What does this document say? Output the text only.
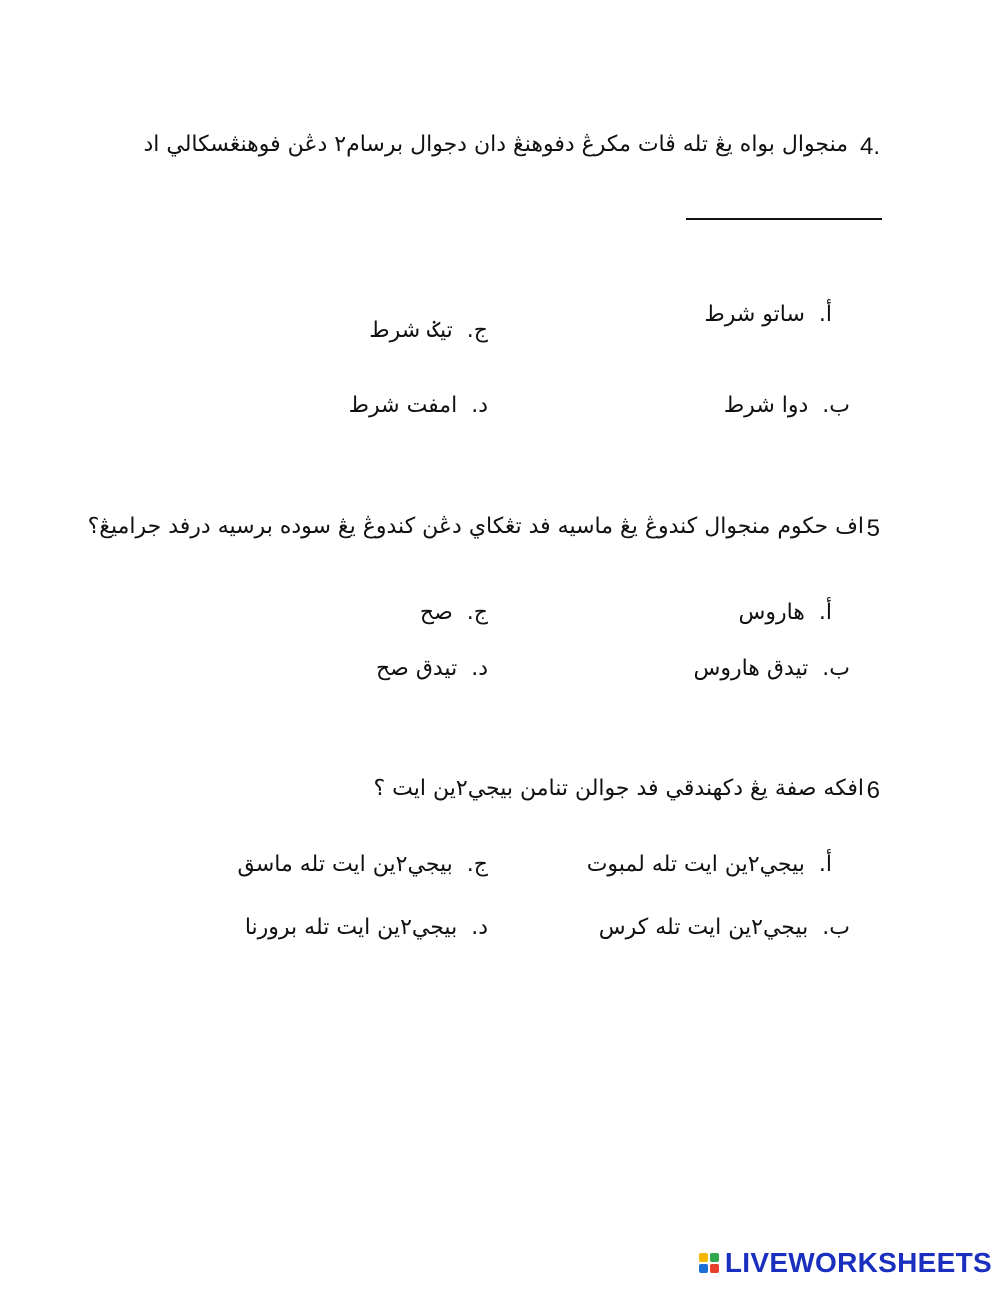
4.
منجوال بواه يڠ تله ڤات مكرڠ دفوهنڠ دان دجوال برسام٢ دڠن فوهنڠسكالي اد
أ.ساتو شرط
ب.دوا شرط
ج.تيݢ شرط
د.امفت شرط
5
اف حكوم منجوال كندوڠ يڠ ماسيه فد تڠكاي دڠن كندوڠ يڠ سوده برسيه درفد جراميڠ؟
أ.هاروس
ب.تيدق هاروس
ج.صح
د.تيدق صح
6
افكه صفة يڠ دكهندقي فد جوالن تنامن بيجي٢ين ايت ؟
أ.بيجي٢ين ايت تله لمبوت
ب.بيجي٢ين ايت تله كرس
ج.بيجي٢ين ايت تله ماسق
د.بيجي٢ين ايت تله برورنا
LIVEWORKSHEETS
